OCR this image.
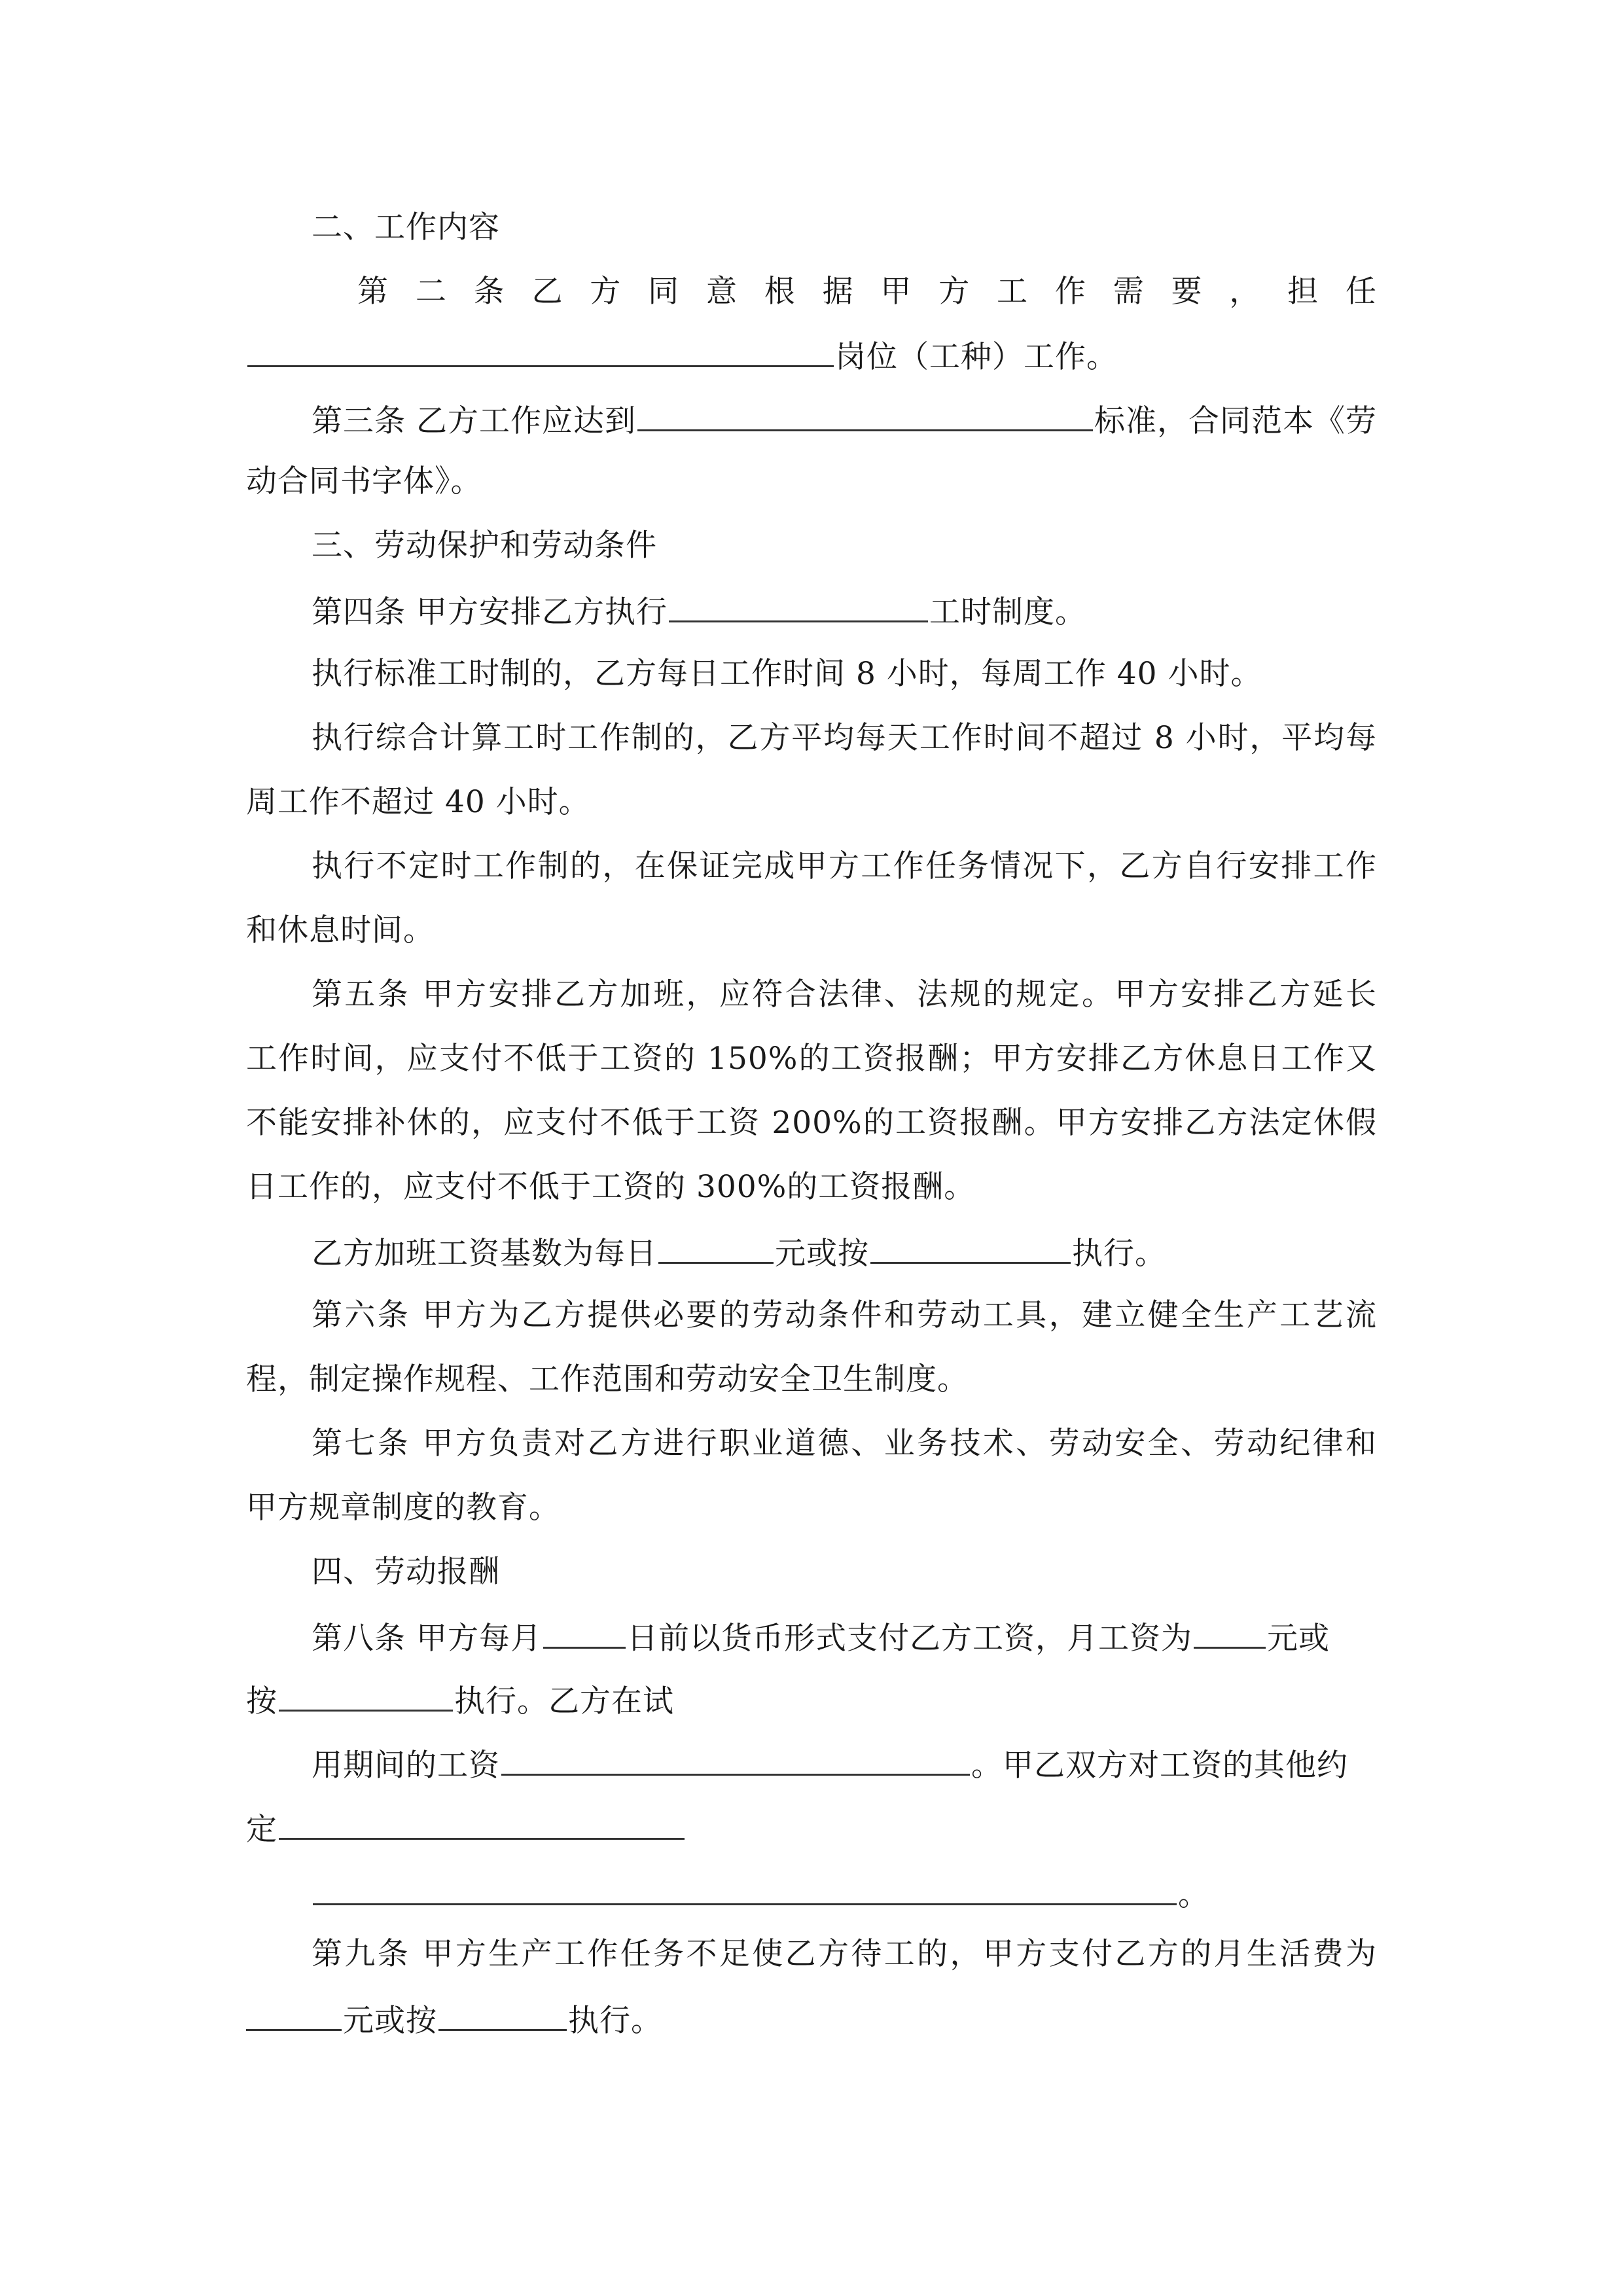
二、工作内容
第 二 条 乙 方 同 意 根 据 甲 方 工 作 需 要 ， 担 任
岗位（工种）工作。
第三条 乙方工作应达到	标准，合同范本《劳
动合同书字体》。
三、劳动保护和劳动条件
第四条 甲方安排乙方执行	工时制度。
执行标准工时制的，乙方每日工作时间 8 小时，每周工作 40 小时。
执行综合计算工时工作制的，乙方平均每天工作时间不超过 8 小时，平均每
周工作不超过 40 小时。
执行不定时工作制的，在保证完成甲方工作任务情况下，乙方自行安排工作
和休息时间。
第五条 甲方安排乙方加班，应符合法律、法规的规定。甲方安排乙方延长
工作时间，应支付不低于工资的 150%的工资报酬；甲方安排乙方休息日工作又
不能安排补休的，应支付不低于工资 200%的工资报酬。甲方安排乙方法定休假
日工作的，应支付不低于工资的 300%的工资报酬。
乙方加班工资基数为每日	元或按	执行。
第六条 甲方为乙方提供必要的劳动条件和劳动工具，建立健全生产工艺流
程，制定操作规程、工作范围和劳动安全卫生制度。
第七条 甲方负责对乙方进行职业道德、业务技术、劳动安全、劳动纪律和
甲方规章制度的教育。
四、劳动报酬
第八条 甲方每月	日前以货币形式支付乙方工资，月工资为 元或
按	执行。乙方在试
用期间的工资	。甲乙双方对工资的其他约
定
。
第九条 甲方生产工作任务不足使乙方待工的，甲方支付乙方的月生活费为
元或按	执行。
